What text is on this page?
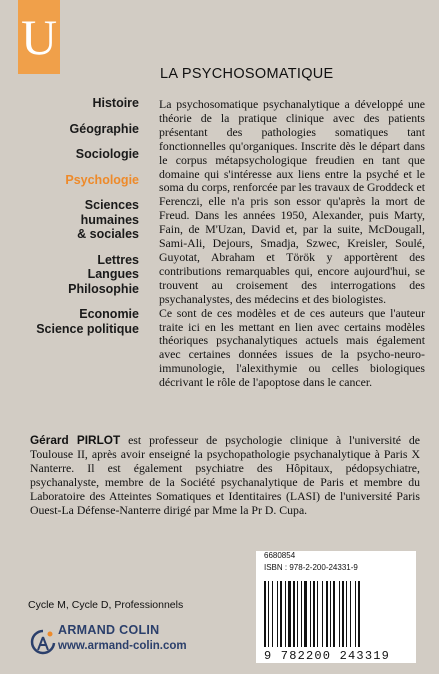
U
LA PSYCHOSOMATIQUE
Histoire
Géographie
Sociologie
Psychologie
Sciences
humaines
& sociales
Lettres
Langues
Philosophie
Economie
Science politique

La psychosomatique psychanalytique a développé une théorie de la pratique clinique avec des patients présentant des pathologies somatiques tant fonctionnelles qu'organiques. Inscrite dès le départ dans le corpus métapsychologique freudien en tant que domaine qui s'intéresse aux liens entre la psyché et le soma du corps, renforcée par les travaux de Groddeck et Ferenczi, elle n'a pris son essor qu'après la mort de Freud. Dans les années 1950, Alexander, puis Marty, Fain, de M'Uzan, David et, par la suite, McDougall, Sami-Ali, Dejours, Smadja, Szwec, Kreisler, Soulé, Guyotat, Abraham et Török y apportèrent des contributions remarquables qui, encore aujourd'hui, se trouvent au croisement des interrogations des psychanalystes, des médecins et des biologistes.

Ce sont de ces modèles et de ces auteurs que l'auteur traite ici en les mettant en lien avec certains modèles théoriques psychanalytiques actuels mais également avec certaines données issues de la psycho-neuro-immunologie, l'alexithymie ou celles biologiques décrivant le rôle de l'apoptose dans le cancer.

Gérard PIRLOT est professeur de psychologie clinique à l'université de Toulouse II, après avoir enseigné la psychopathologie psychanalytique à Paris X Nanterre. Il est également psychiatre des Hôpitaux, pédopsychiatre, psychanalyste, membre de la Société psychanalytique de Paris et membre du Laboratoire des Atteintes Somatiques et Identitaires (LASI) de l'université Paris Ouest-La Défense-Nanterre dirigé par Mme la Pr D. Cupa.

6680854
ISBN : 978-2-200-24331-9
9 782200 243319
Cycle M, Cycle D, Professionnels
ARMAND COLIN
www.armand-colin.com
